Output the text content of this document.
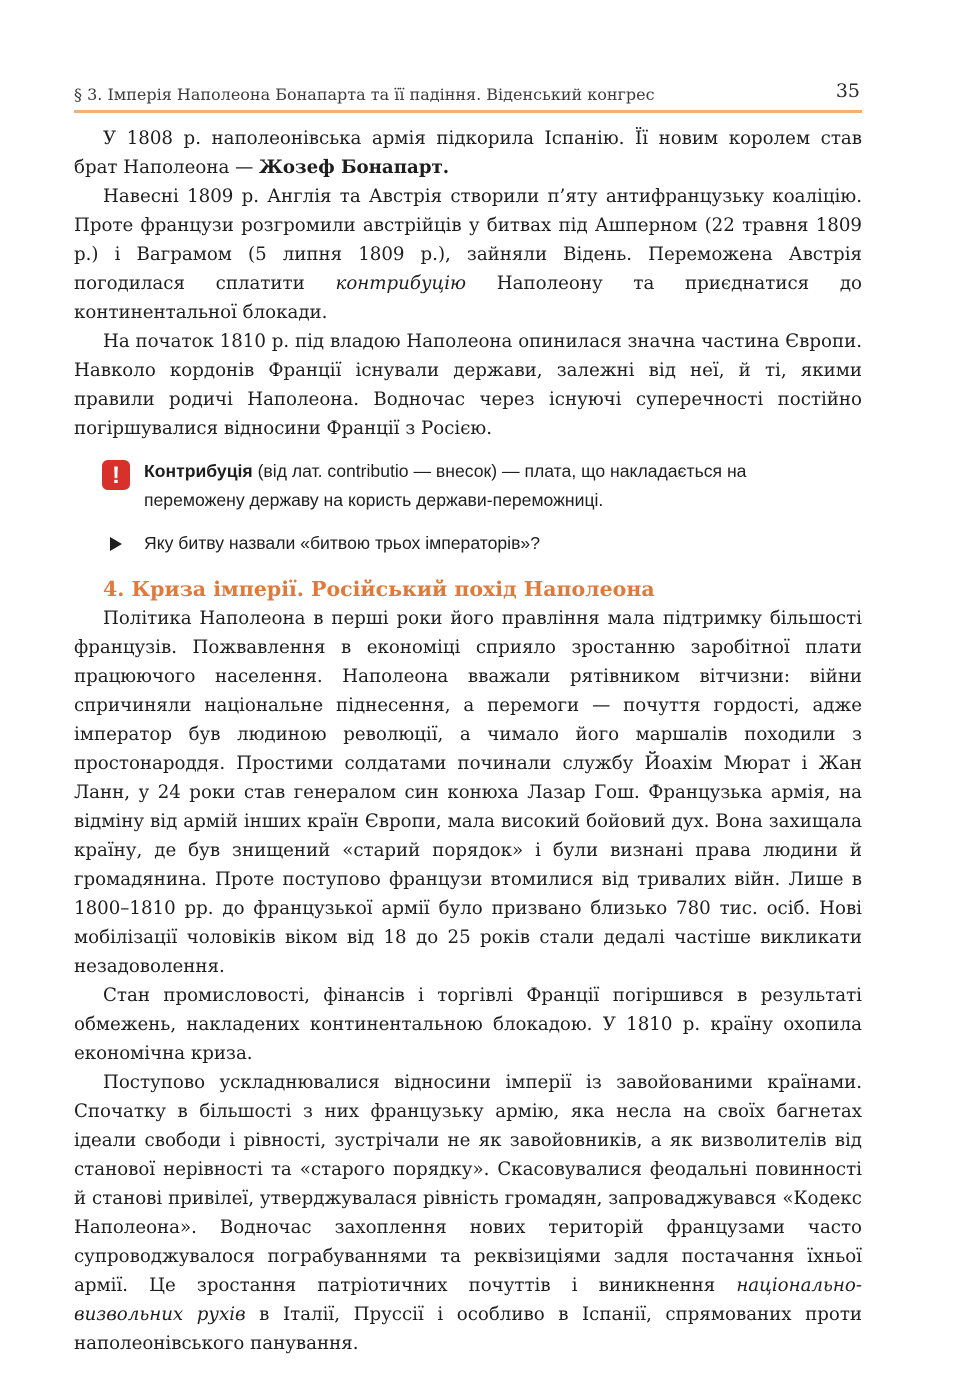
§ 3. Імперія Наполеона Бонапарта та її падіння. Віденський конгрес	35

У 1808 р. наполеонівська армія підкорила Іспанію. Її новим королем став брат Наполеона — Жозеф Бонапарт.

Навесні 1809 р. Англія та Австрія створили п’яту антифранцузьку коаліцію. Проте французи розгромили австрійців у битвах під Ашперном (22 травня 1809 р.) і Ваграмом (5 липня 1809 р.), зайняли Відень. Переможена Австрія погодилася сплатити контрибуцію Наполеону та приєднатися до континентальної блокади.

На початок 1810 р. під владою Наполеона опинилася значна частина Європи. Навколо кордонів Франції існували держави, залежні від неї, й ті, якими правили родичі Наполеона. Водночас через існуючі суперечності постійно погіршувалися відносини Франції з Росією.

!	Контрибуція (від лат. contributio — внесок) — плата, що накладається на переможену державу на користь держави-переможниці.
Яку битву назвали «битвою трьох імператорів»?
4. Криза імперії. Російський похід Наполеона

Політика Наполеона в перші роки його правління мала підтримку більшості французів. Пожвавлення в економіці сприяло зростанню заробітної плати працюючого населення. Наполеона вважали рятівником вітчизни: війни спричиняли національне піднесення, а перемоги — почуття гордості, адже імператор був людиною революції, а чимало його маршалів походили з простонароддя. Простими солдатами починали службу Йоахім Мюрат і Жан Ланн, у 24 роки став генералом син конюха Лазар Гош. Французька армія, на відміну від армій інших країн Європи, мала високий бойовий дух. Вона захищала країну, де був знищений «старий порядок» і були визнані права людини й громадянина. Проте поступово французи втомилися від тривалих війн. Лише в 1800–1810 рр. до французької армії було призвано близько 780 тис. осіб. Нові мобілізації чоловіків віком від 18 до 25 років стали дедалі частіше викликати незадоволення.

Стан промисловості, фінансів і торгівлі Франції погіршився в результаті обмежень, накладених континентальною блокадою. У 1810 р. країну охопила економічна криза.

Поступово ускладнювалися відносини імперії із завойованими країнами. Спочатку в більшості з них французьку армію, яка несла на своїх багнетах ідеали свободи і рівності, зустрічали не як завойовників, а як визволителів від станової нерівності та «старого порядку». Скасовувалися феодальні повинності й станові привілеї, утверджувалася рівність громадян, запроваджувався «Кодекс Наполеона». Водночас захоплення нових територій французами часто супроводжувалося пограбуваннями та реквізиціями задля постачання їхньої армії. Це зростання патріотичних почуттів і виникнення національно-визвольних рухів в Італії, Пруссії і особливо в Іспанії, спрямованих проти наполеонівського панування.
